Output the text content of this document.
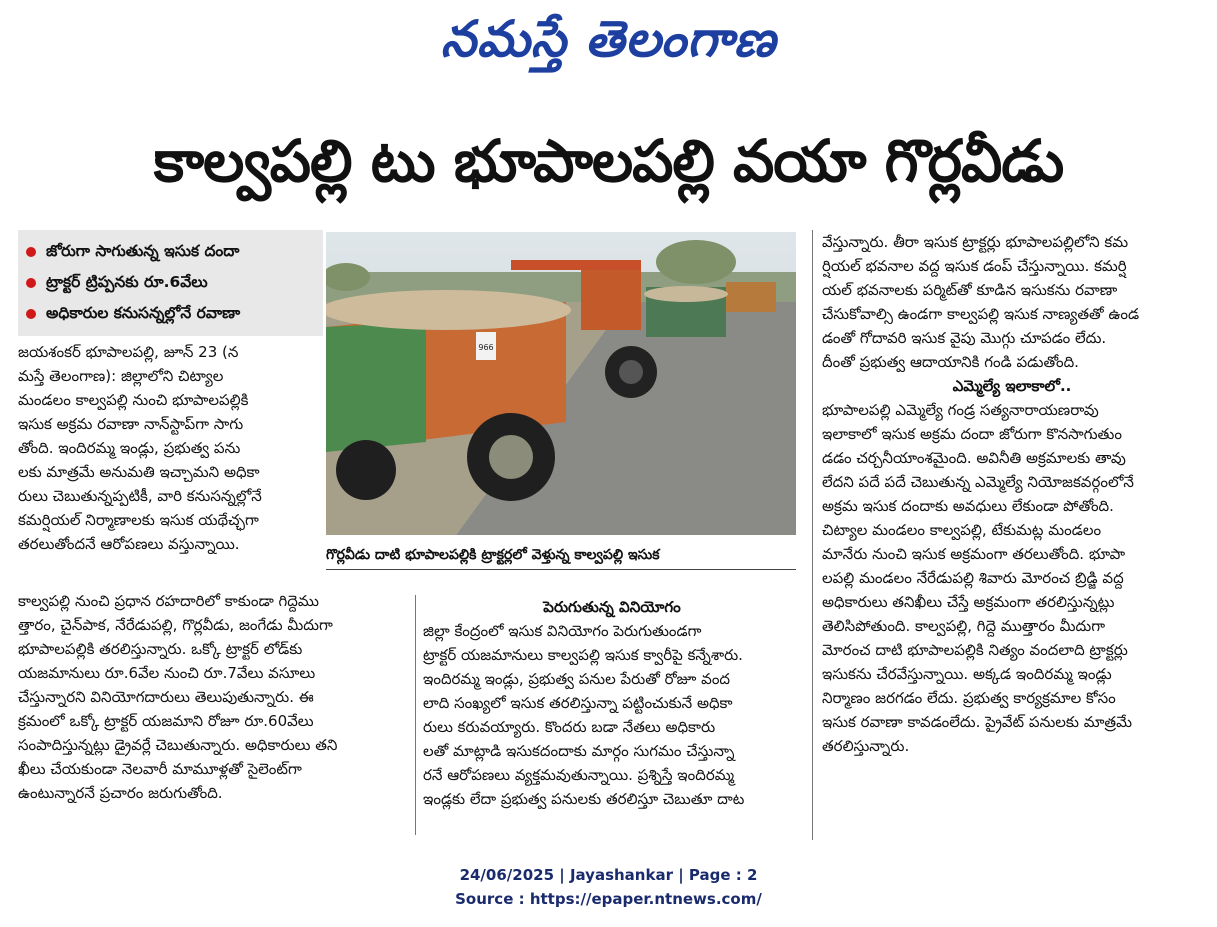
నమస్తే తెలంగాణ
కాల్వపల్లి టు భూపాలపల్లి వయా గొర్లవీడు
జోరుగా సాగుతున్న ఇసుక దందా
ట్రాక్టర్ ట్రిప్పనకు రూ.6వేలు
అధికారుల కనుసన్నల్లోనే రవాణా
జయశంకర్ భూపాలపల్లి, జూన్ 23 (న
మస్తే తెలంగాణ): జిల్లాలోని చిట్యాల
మండలం కాల్వపల్లి నుంచి భూపాలపల్లికి
ఇసుక అక్రమ రవాణా నాన్‌స్టాప్‌గా సాగు
తోంది. ఇందిరమ్మ ఇండ్లు, ప్రభుత్వ పను
లకు మాత్రమే అనుమతి ఇచ్చామని అధికా
రులు చెబుతున్నప్పటికీ, వారి కనుసన్నల్లోనే
కమర్షియల్ నిర్మాణాలకు ఇసుక యథేచ్ఛగా
తరలుతోందనే ఆరోపణలు వస్తున్నాయి.
966
గొర్లవీడు దాటి భూపాలపల్లికి ట్రాక్టర్లలో వెళ్తున్న కాల్వపల్లి ఇసుక
కాల్వపల్లి నుంచి ప్రధాన రహదారిలో కాకుండా గిద్దెము
త్తారం, చైన్‌పాక, నేరేడుపల్లి, గొర్లవీడు, జంగేడు మీదుగా
భూపాలపల్లికి తరలిస్తున్నారు. ఒక్కో ట్రాక్టర్ లోడ్‌కు
యజమానులు రూ.6వేల నుంచి రూ.7వేలు వసూలు
చేస్తున్నారని వినియోగదారులు తెలుపుతున్నారు. ఈ
క్రమంలో ఒక్కో ట్రాక్టర్ యజమాని రోజూ రూ.60వేలు
సంపాదిస్తున్నట్లు డ్రైవర్లే చెబుతున్నారు. అధికారులు తని
ఖీలు చేయకుండా నెలవారీ మామూళ్లతో సైలెంట్‌గా
ఉంటున్నారనే ప్రచారం జరుగుతోంది.
పెరుగుతున్న వినియోగం
జిల్లా కేంద్రంలో ఇసుక వినియోగం పెరుగుతుండగా
ట్రాక్టర్ యజమానులు కాల్వపల్లి ఇసుక క్వారీపై కన్నేశారు.
ఇందిరమ్మ ఇండ్లు, ప్రభుత్వ పనుల పేరుతో రోజూ వంద
లాది సంఖ్యలో ఇసుక తరలిస్తున్నా పట్టించుకునే అధికా
రులు కరువయ్యారు. కొందరు బడా నేతలు అధికారు
లతో మాట్లాడి ఇసుకదందాకు మార్గం సుగమం చేస్తున్నా
రనే ఆరోపణలు వ్యక్తమవుతున్నాయి. ప్రశ్నిస్తే ఇందిరమ్మ
ఇండ్లకు లేదా ప్రభుత్వ పనులకు తరలిస్తూ చెబుతూ దాట
వేస్తున్నారు. తీరా ఇసుక ట్రాక్టర్లు భూపాలపల్లిలోని కమ
ర్షియల్ భవనాల వద్ద ఇసుక డంప్ చేస్తున్నాయి. కమర్షి
యల్ భవనాలకు పర్మిట్‌తో కూడిన ఇసుకను రవాణా
చేసుకోవాల్సి ఉండగా కాల్వపల్లి ఇసుక నాణ్యతతో ఉండ
డంతో గోదావరి ఇసుక వైపు మొగ్గు చూపడం లేదు.
దీంతో ప్రభుత్వ ఆదాయానికి గండి పడుతోంది.
ఎమ్మెల్యే ఇలాకాలో..
భూపాలపల్లి ఎమ్మెల్యే గండ్ర సత్యనారాయణరావు
ఇలాకాలో ఇసుక అక్రమ దందా జోరుగా కొనసాగుతుం
డడం చర్చనీయాంశమైంది. అవినీతి అక్రమాలకు తావు
లేదని పదే పదే చెబుతున్న ఎమ్మెల్యే నియోజకవర్గంలోనే
అక్రమ ఇసుక దందాకు అవధులు లేకుండా పోతోంది.
చిట్యాల మండలం కాల్వపల్లి, టేకుమట్ల మండలం
మానేరు నుంచి ఇసుక అక్రమంగా తరలుతోంది. భూపా
లపల్లి మండలం నేరేడుపల్లి శివారు మోరంచ బ్రిడ్జి వద్ద
అధికారులు తనిఖీలు చేస్తే అక్రమంగా తరలిస్తున్నట్లు
తెలిసిపోతుంది. కాల్వపల్లి, గిద్దె ముత్తారం మీదుగా
మోరంచ దాటి భూపాలపల్లికి నిత్యం వందలాది ట్రాక్టర్లు
ఇసుకను చేరవేస్తున్నాయి. అక్కడ ఇందిరమ్మ ఇండ్లు
నిర్మాణం జరగడం లేదు. ప్రభుత్వ కార్యక్రమాల కోసం
ఇసుక రవాణా కావడంలేదు. ప్రైవేట్ పనులకు మాత్రమే
తరలిస్తున్నారు.
24/06/2025 | Jayashankar | Page : 2
Source : https://epaper.ntnews.com/
